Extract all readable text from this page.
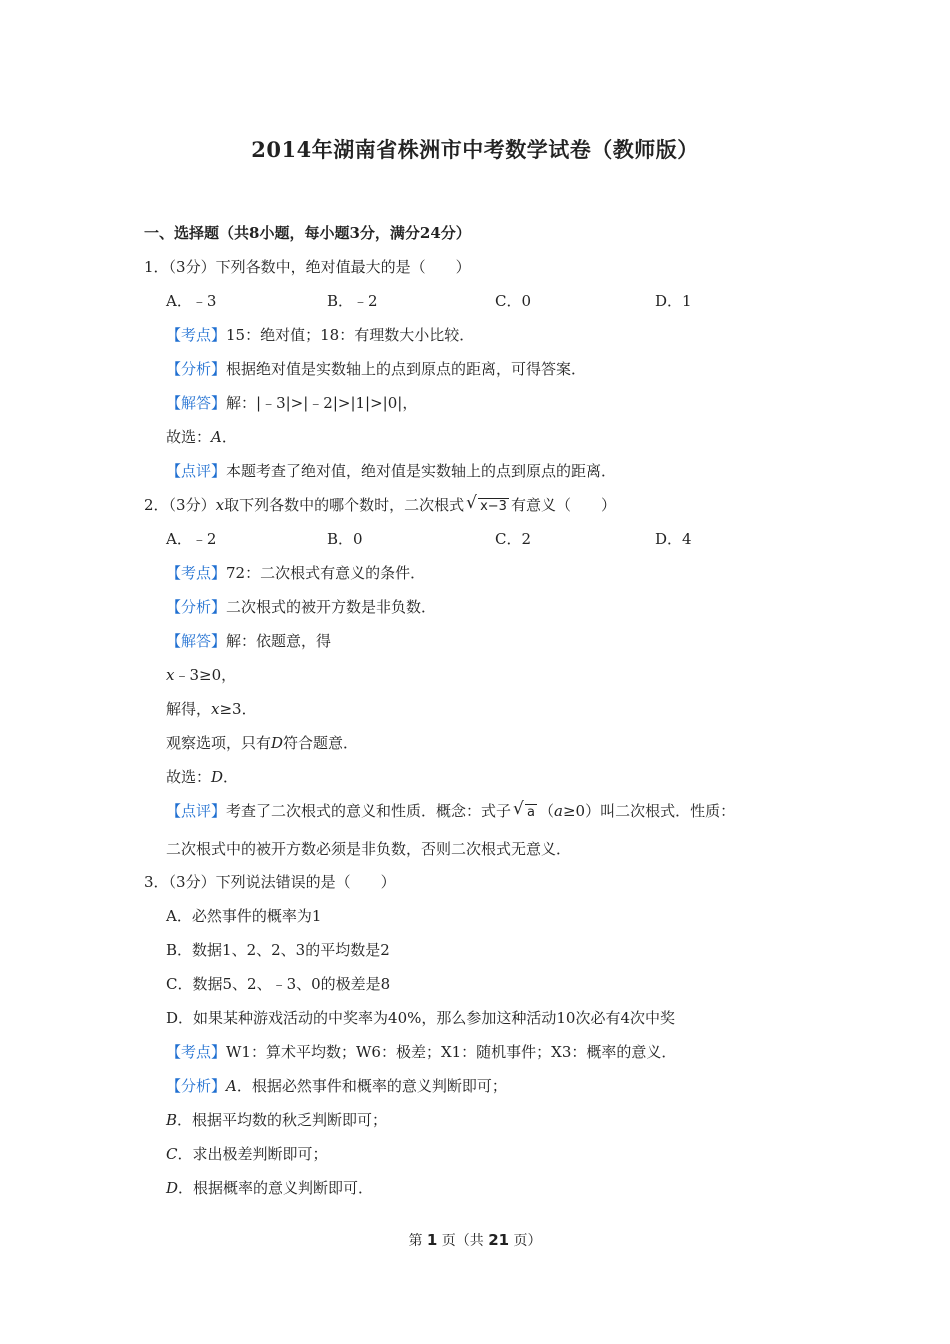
2014年湖南省株洲市中考数学试卷（教师版）
一、选择题（共8小题，每小题3分，满分24分）
1．（3分）下列各数中，绝对值最大的是（　　）
A．﹣3	B．﹣2	C．0	D．1
【考点】15：绝对值；18：有理数大小比较．
【分析】根据绝对值是实数轴上的点到原点的距离，可得答案．
【解答】解：|﹣3|>|﹣2|>|1|>|0|，
故选：A．
【点评】本题考查了绝对值，绝对值是实数轴上的点到原点的距离．
2．（3分）x取下列各数中的哪个数时，二次根式 √ x−3 有意义（　　）
A．﹣2	B．0	C．2	D．4
【考点】72：二次根式有意义的条件．
【分析】二次根式的被开方数是非负数．
【解答】解：依题意，得
x﹣3≥0，
解得，x≥3．
观察选项，只有D符合题意．
故选：D．
【点评】考查了二次根式的意义和性质．概念：式子 √ a （a≥0）叫二次根式．性质：
二次根式中的被开方数必须是非负数，否则二次根式无意义．
3．（3分）下列说法错误的是（　　）
A．必然事件的概率为1
B．数据1、2、2、3的平均数是2
C．数据5、2、﹣3、0的极差是8
D．如果某种游戏活动的中奖率为40%，那么参加这种活动10次必有4次中奖
【考点】W1：算术平均数；W6：极差；X1：随机事件；X3：概率的意义．
【分析】A．根据必然事件和概率的意义判断即可；
B．根据平均数的秋乏判断即可；
C．求出极差判断即可；
D．根据概率的意义判断即可．
第 1 页（共 21 页）
